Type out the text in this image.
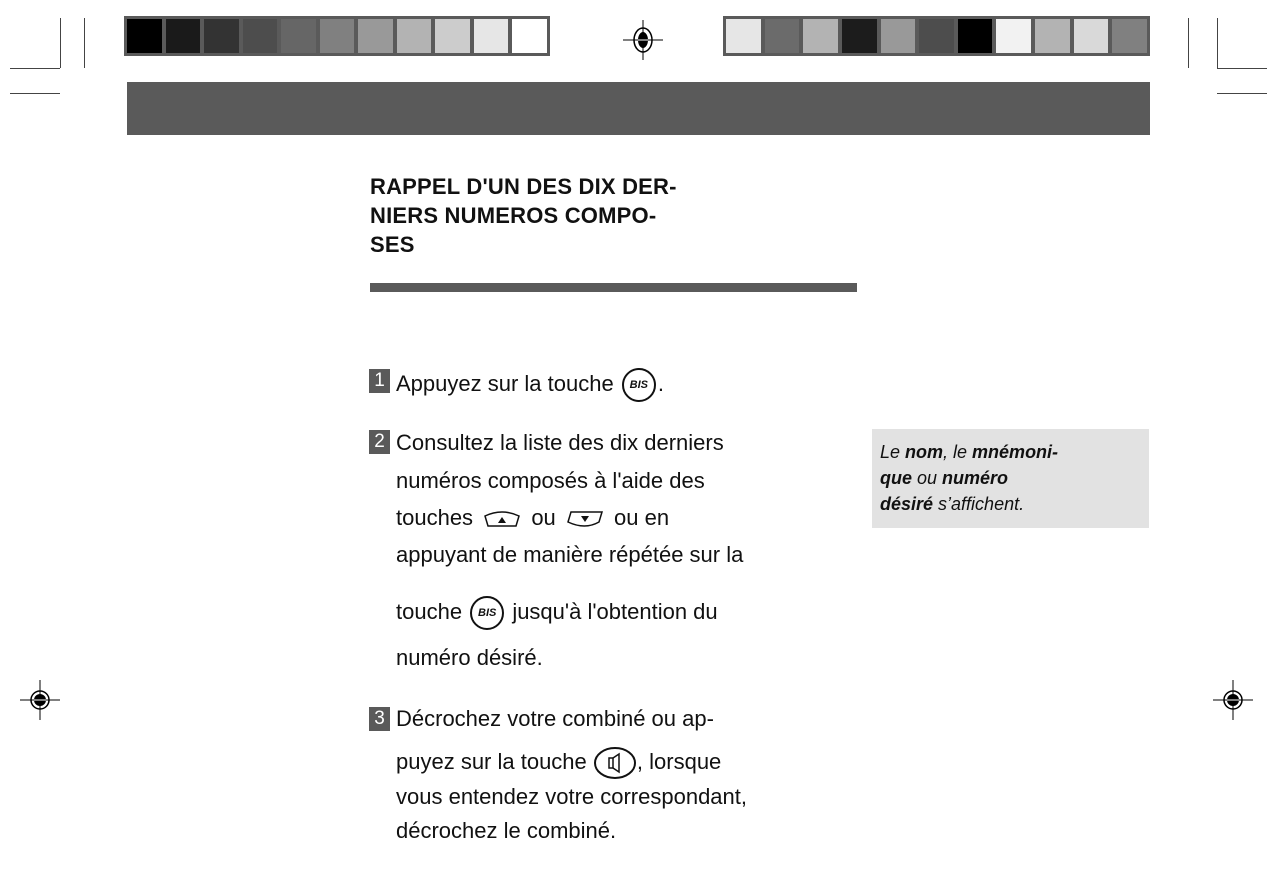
RAPPEL D'UN DES DIX DER-
NIERS NUMEROS COMPO-
SES
1 Appuyez sur la touche BIS .
2 Consultez la liste des dix derniers
numéros composés à l'aide des
touches	ou	ou en
appuyant de manière répétée sur la
touche BIS jusqu'à l'obtention du
numéro désiré.
Le nom, le mnémoni-
que ou numéro
désiré s’affichent.
3 Décrochez votre combiné ou ap-
puyez sur la touche , lorsque
vous entendez votre correspondant,
décrochez le combiné.
